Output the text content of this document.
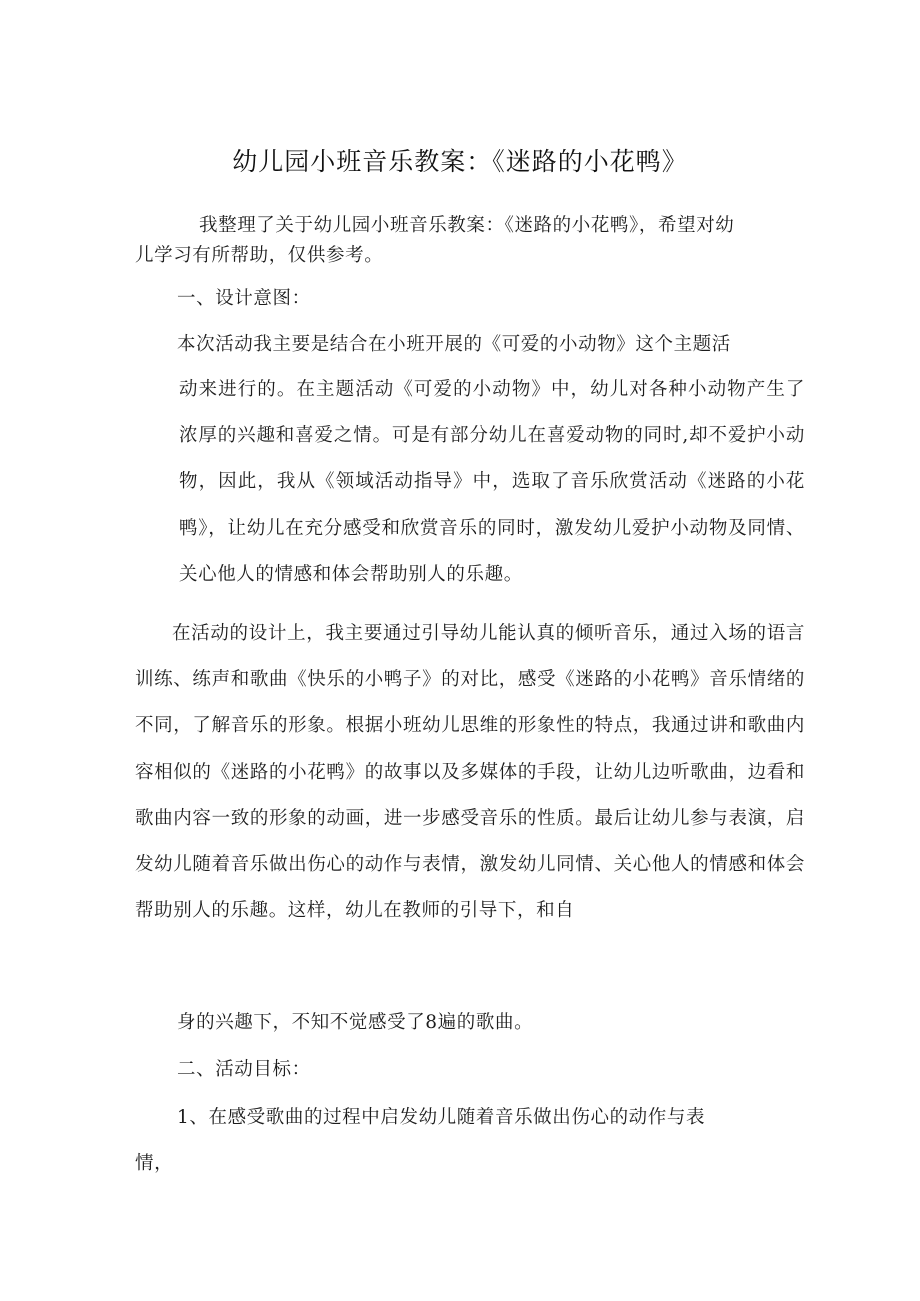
幼儿园小班音乐教案：《迷路的小花鸭》
我整理了关于幼儿园小班音乐教案：《迷路的小花鸭》，希望对幼
儿学习有所帮助，仅供参考。
一、设计意图：
本次活动我主要是结合在小班开展的《可爱的小动物》这个主题活
动来进行的。在主题活动《可爱的小动物》中，幼儿对各种小动物产生了浓厚的兴趣和喜爱之情。可是有部分幼儿在喜爱动物的同时,却不爱护小动物，因此，我从《领域活动指导》中，选取了音乐欣赏活动《迷路的小花鸭》，让幼儿在充分感受和欣赏音乐的同时，激发幼儿爱护小动物及同情、关心他人的情感和体会帮助别人的乐趣。
在活动的设计上，我主要通过引导幼儿能认真的倾听音乐，通过入场的语言训练、练声和歌曲《快乐的小鸭子》的对比，感受《迷路的小花鸭》音乐情绪的不同，了解音乐的形象。根据小班幼儿思维的形象性的特点，我通过讲和歌曲内容相似的《迷路的小花鸭》的故事以及多媒体的手段，让幼儿边听歌曲，边看和歌曲内容一致的形象的动画，进一步感受音乐的性质。最后让幼儿参与表演，启发幼儿随着音乐做出伤心的动作与表情，激发幼儿同情、关心他人的情感和体会帮助别人的乐趣。这样，幼儿在教师的引导下，和自
身的兴趣下，不知不觉感受了8遍的歌曲。
二、活动目标：
1、在感受歌曲的过程中启发幼儿随着音乐做出伤心的动作与表
情，
